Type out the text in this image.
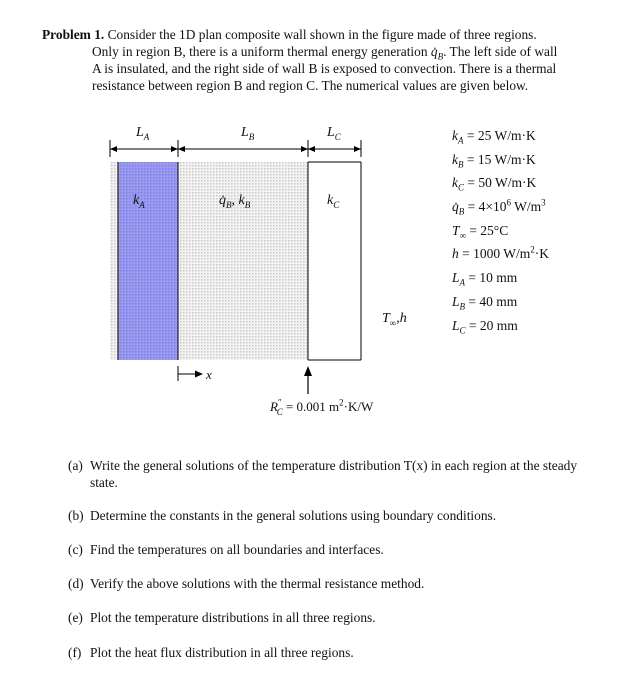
Problem 1. Consider the 1D plan composite wall shown in the figure made of three regions.

Only in region B, there is a uniform thermal energy generation $q̇_B$. The left side of wall

A is insulated, and the right side of wall B is exposed to convection. There is a thermal

resistance between region B and region C. The numerical values are given below.

$L_A$	$L_B$	$L_C$
$k_A$	$q̇_B$, $k_B$	$k_C$
$T_\infty,h$
x
$R''_C = 0.001$ $m^2\cdot K/W$
$k_A = 25$ W/m·K
$k_B = 15$ W/m·K
$k_C = 50$ W/m·K
$q̇_B = 4\times 10^6$ $W/m^3$
$T_\infty = 25^\circ C$
h = 1000 $W/m^2\cdot K$
$L_A = 10$ mm
$L_B = 40$ mm
$L_C = 20$ mm
(a) Write the general solutions of the temperature distribution T(x) in each region at the steady state.
(b) Determine the constants in the general solutions using boundary conditions.
(c) Find the temperatures on all boundaries and interfaces.
(d) Verify the above solutions with the thermal resistance method.
(e) Plot the temperature distributions in all three regions.
(f) Plot the heat flux distribution in all three regions.
